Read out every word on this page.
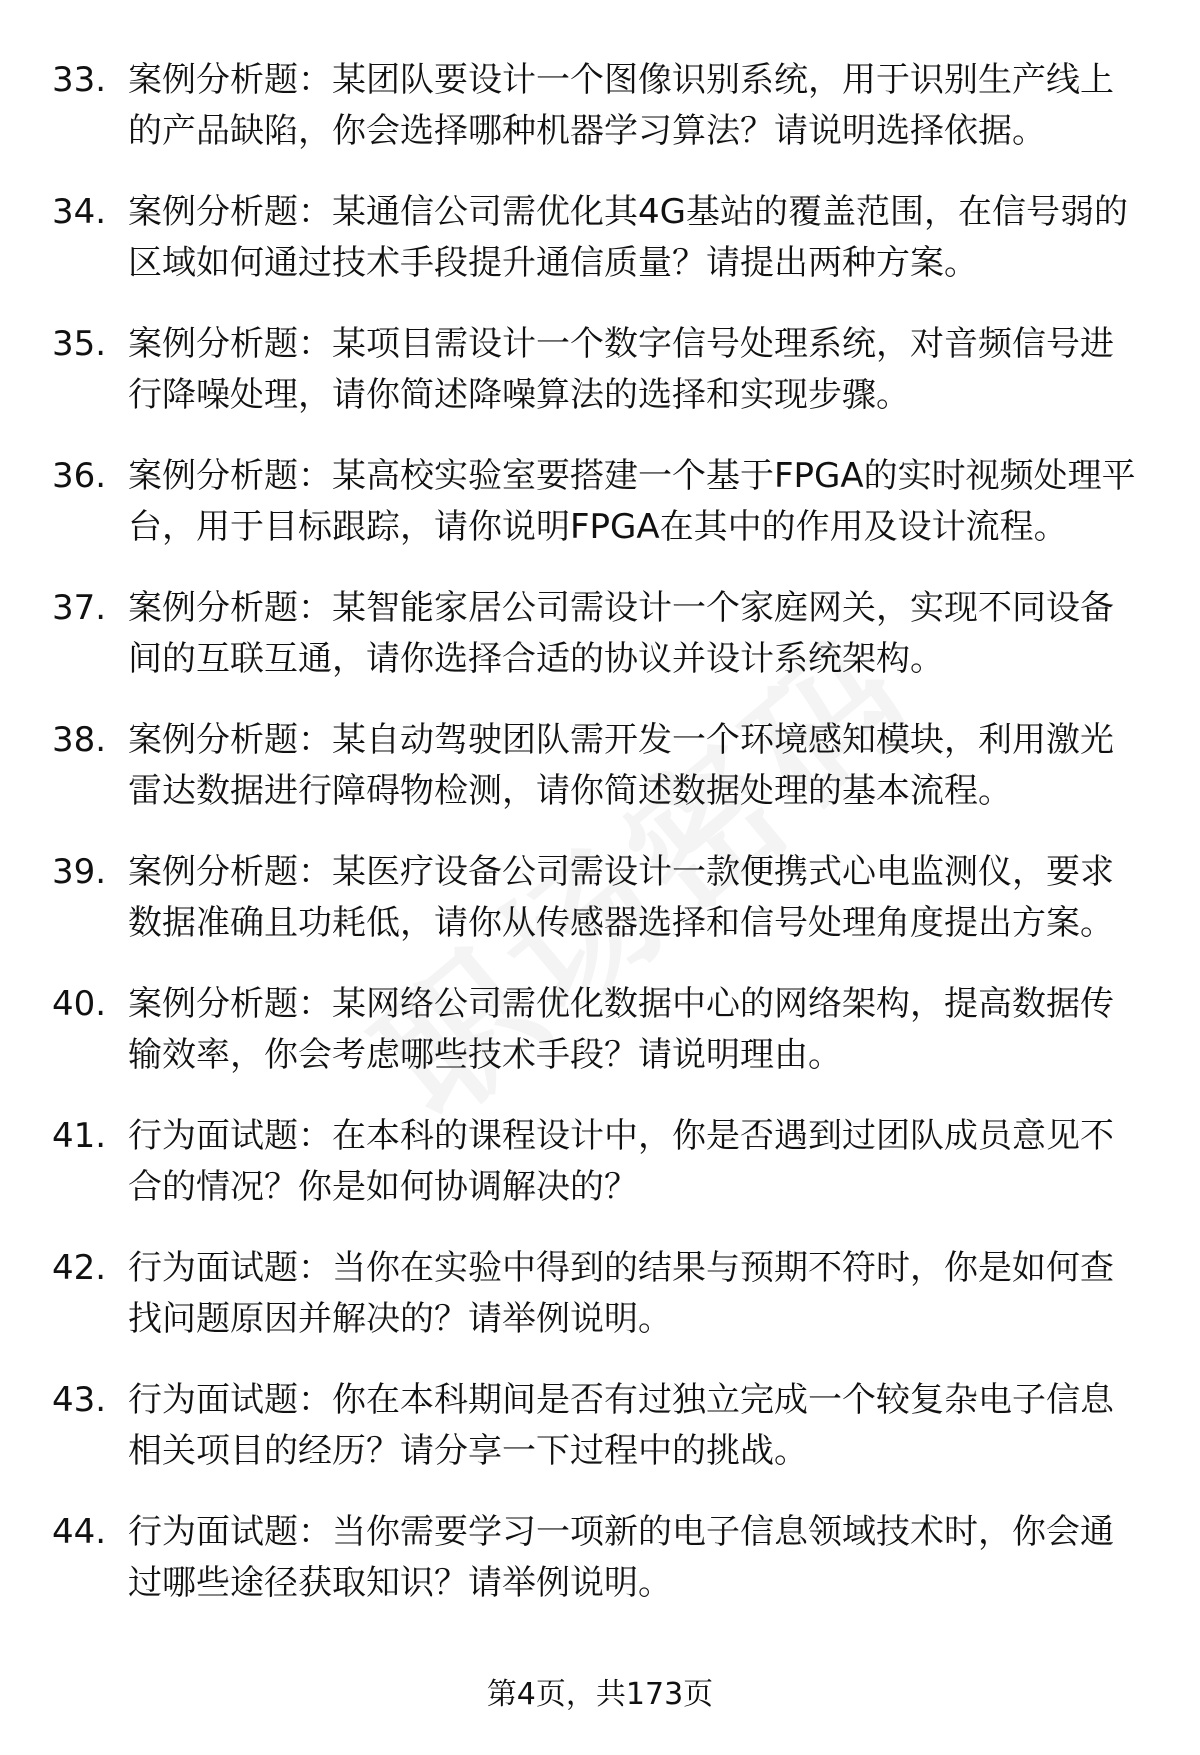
33. 案例分析题：某团队要设计一个图像识别系统，用于识别生产线上的产品缺陷，你会选择哪种机器学习算法？请说明选择依据。
34. 案例分析题：某通信公司需优化其4G基站的覆盖范围，在信号弱的区域如何通过技术手段提升通信质量？请提出两种方案。
35. 案例分析题：某项目需设计一个数字信号处理系统，对音频信号进行降噪处理，请你简述降噪算法的选择和实现步骤。
36. 案例分析题：某高校实验室要搭建一个基于FPGA的实时视频处理平台，用于目标跟踪，请你说明FPGA在其中的作用及设计流程。
37. 案例分析题：某智能家居公司需设计一个家庭网关，实现不同设备间的互联互通，请你选择合适的协议并设计系统架构。
38. 案例分析题：某自动驾驶团队需开发一个环境感知模块，利用激光雷达数据进行障碍物检测，请你简述数据处理的基本流程。
39. 案例分析题：某医疗设备公司需设计一款便携式心电监测仪，要求数据准确且功耗低，请你从传感器选择和信号处理角度提出方案。
40. 案例分析题：某网络公司需优化数据中心的网络架构，提高数据传输效率，你会考虑哪些技术手段？请说明理由。
41. 行为面试题：在本科的课程设计中，你是否遇到过团队成员意见不合的情况？你是如何协调解决的？
42. 行为面试题：当你在实验中得到的结果与预期不符时，你是如何查找问题原因并解决的？请举例说明。
43. 行为面试题：你在本科期间是否有过独立完成一个较复杂电子信息相关项目的经历？请分享一下过程中的挑战。
44. 行为面试题：当你需要学习一项新的电子信息领域技术时，你会通过哪些途径获取知识？请举例说明。
第4页，共173页
